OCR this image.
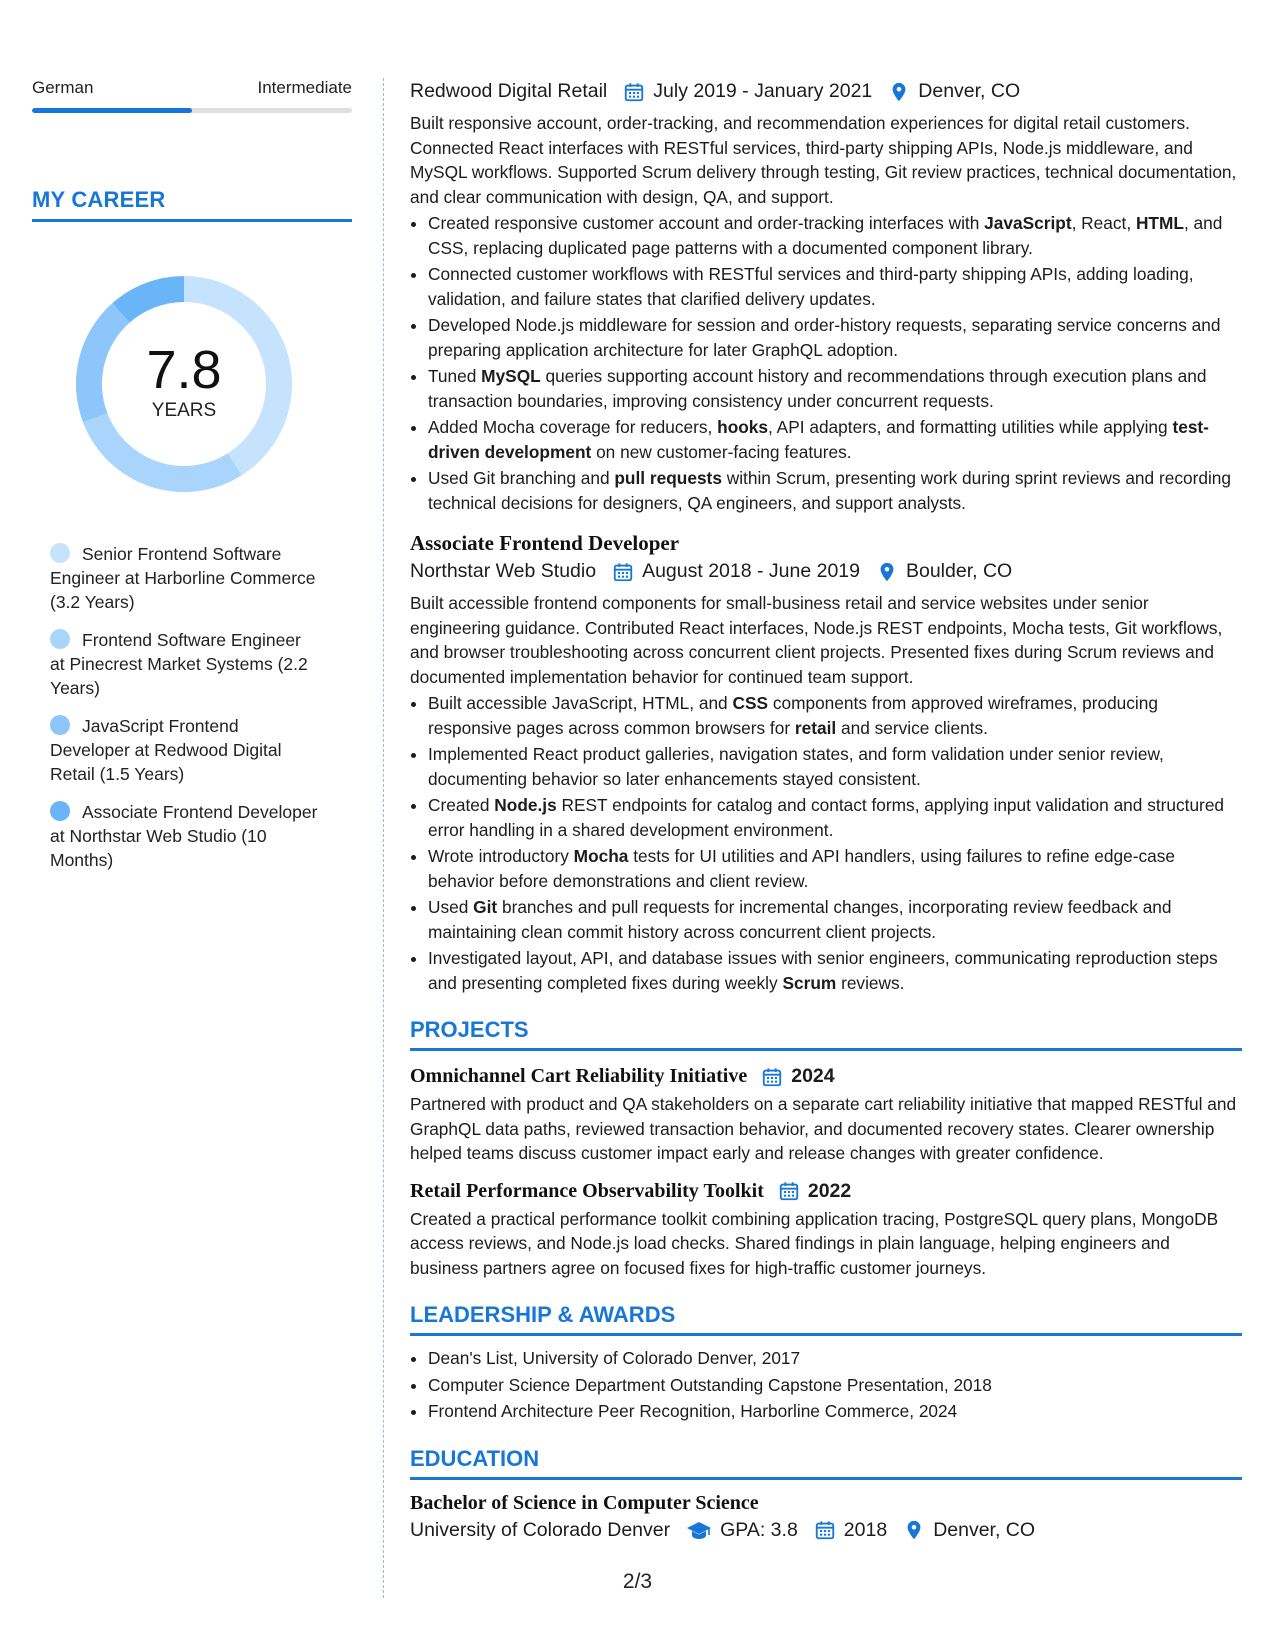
German	Intermediate
MY CAREER
7.8
YEARS
Senior Frontend Software Engineer at Harborline Commerce (3.2 Years)
Frontend Software Engineer at Pinecrest Market Systems (2.2 Years)
JavaScript Frontend Developer at Redwood Digital Retail (1.5 Years)
Associate Frontend Developer at Northstar Web Studio (10 Months)
Redwood Digital Retail July 2019 - January 2021 Denver, CO
Built responsive account, order-tracking, and recommendation experiences for digital retail customers. Connected React interfaces with RESTful services, third-party shipping APIs, Node.js middleware, and MySQL workflows. Supported Scrum delivery through testing, Git review practices, technical documentation, and clear communication with design, QA, and support.
• Created responsive customer account and order-tracking interfaces with JavaScript, React, HTML, and CSS, replacing duplicated page patterns with a documented component library.
• Connected customer workflows with RESTful services and third-party shipping APIs, adding loading, validation, and failure states that clarified delivery updates.
• Developed Node.js middleware for session and order-history requests, separating service concerns and preparing application architecture for later GraphQL adoption.
• Tuned MySQL queries supporting account history and recommendations through execution plans and transaction boundaries, improving consistency under concurrent requests.
• Added Mocha coverage for reducers, hooks, API adapters, and formatting utilities while applying test-driven development on new customer-facing features.
• Used Git branching and pull requests within Scrum, presenting work during sprint reviews and recording technical decisions for designers, QA engineers, and support analysts.
Associate Frontend Developer
Northstar Web Studio August 2018 - June 2019 Boulder, CO
Built accessible frontend components for small-business retail and service websites under senior engineering guidance. Contributed React interfaces, Node.js REST endpoints, Mocha tests, Git workflows, and browser troubleshooting across concurrent client projects. Presented fixes during Scrum reviews and documented implementation behavior for continued team support.
• Built accessible JavaScript, HTML, and CSS components from approved wireframes, producing responsive pages across common browsers for retail and service clients.
• Implemented React product galleries, navigation states, and form validation under senior review, documenting behavior so later enhancements stayed consistent.
• Created Node.js REST endpoints for catalog and contact forms, applying input validation and structured error handling in a shared development environment.
• Wrote introductory Mocha tests for UI utilities and API handlers, using failures to refine edge-case behavior before demonstrations and client review.
• Used Git branches and pull requests for incremental changes, incorporating review feedback and maintaining clean commit history across concurrent client projects.
• Investigated layout, API, and database issues with senior engineers, communicating reproduction steps and presenting completed fixes during weekly Scrum reviews.
PROJECTS
Omnichannel Cart Reliability Initiative 2024
Partnered with product and QA stakeholders on a separate cart reliability initiative that mapped RESTful and GraphQL data paths, reviewed transaction behavior, and documented recovery states. Clearer ownership helped teams discuss customer impact early and release changes with greater confidence.
Retail Performance Observability Toolkit 2022
Created a practical performance toolkit combining application tracing, PostgreSQL query plans, MongoDB access reviews, and Node.js load checks. Shared findings in plain language, helping engineers and business partners agree on focused fixes for high-traffic customer journeys.
LEADERSHIP & AWARDS
• Dean's List, University of Colorado Denver, 2017
• Computer Science Department Outstanding Capstone Presentation, 2018
• Frontend Architecture Peer Recognition, Harborline Commerce, 2024
EDUCATION
Bachelor of Science in Computer Science
University of Colorado Denver	GPA: 3.8 2018 Denver, CO
2/3
